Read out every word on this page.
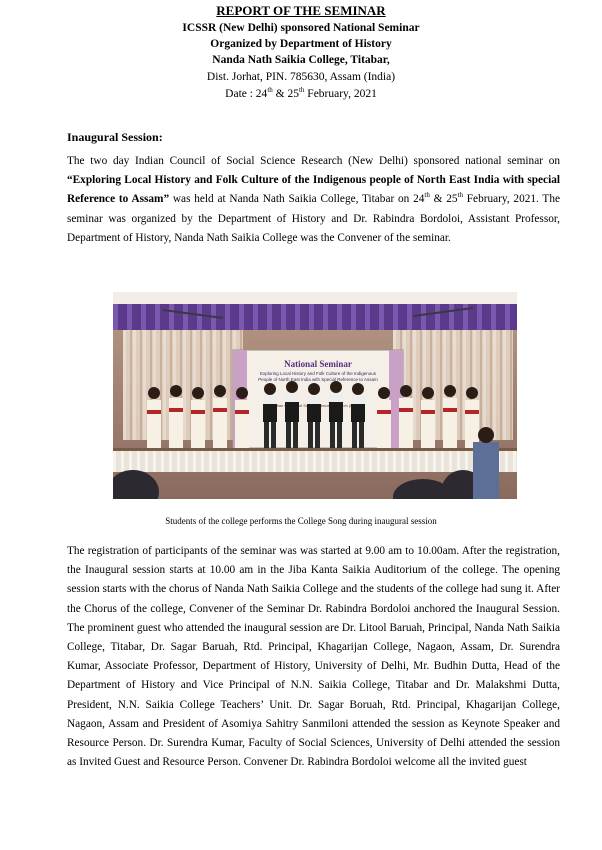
REPORT OF THE SEMINAR
ICSSR (New Delhi) sponsored National Seminar
Organized by Department of History
Nanda Nath Saikia College, Titabar,
Dist. Jorhat, PIN. 785630, Assam (India)
Date : 24th & 25th February, 2021
Inaugural Session:

The two day Indian Council of Social Science Research (New Delhi) sponsored national seminar on “Exploring Local History and Folk Culture of the Indigenous people of North East India with special Reference to Assam” was held at Nanda Nath Saikia College, Titabar on 24th & 25th February, 2021. The seminar was organized by the Department of History and Dr. Rabindra Bordoloi, Assistant Professor, Department of History, Nanda Nath Saikia College was the Convener of the seminar.

National Seminar
Exploring Local History and Folk Culture of the Indigenous People of North East India with Special Reference to Assam
Indian of Science
Students of the college performs the College Song during inaugural session

The registration of participants of the seminar was was started at 9.00 am to 10.00am. After the registration, the Inaugural session starts at 10.00 am in the Jiba Kanta Saikia Auditorium of the college. The opening session starts with the chorus of Nanda Nath Saikia College and the students of the college had sung it. After the Chorus of the college, Convener of the Seminar Dr. Rabindra Bordoloi anchored the Inaugural Session. The prominent guest who attended the inaugural session are Dr. Litool Baruah, Principal, Nanda Nath Saikia College, Titabar, Dr. Sagar Baruah, Rtd. Principal, Khagarijan College, Nagaon, Assam, Dr. Surendra Kumar, Associate Professor, Department of History, University of Delhi, Mr. Budhin Dutta, Head of the Department of History and Vice Principal of N.N. Saikia College, Titabar and Dr. Malakshmi Dutta, President, N.N. Saikia College Teachers’ Unit. Dr. Sagar Boruah, Rtd. Principal, Khagarijan College, Nagaon, Assam and President of Asomiya Sahitry Sanmiloni attended the session as Keynote Speaker and Resource Person. Dr. Surendra Kumar, Faculty of Social Sciences, University of Delhi attended the session as Invited Guest and Resource Person. Convener Dr. Rabindra Bordoloi welcome all the invited guest
